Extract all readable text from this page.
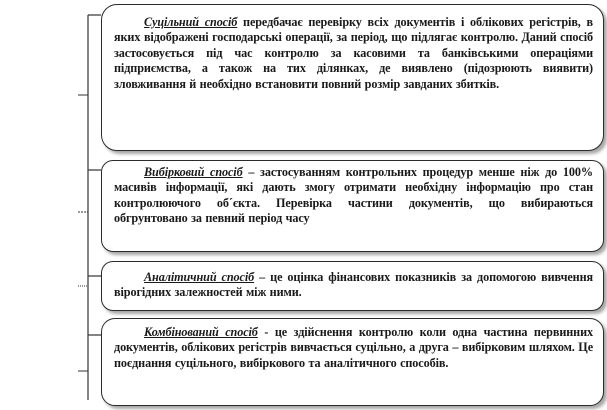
Суцільний спосіб передбачає перевірку всіх документів і облікових регістрів, в яких відображені господарські операції, за період, що підлягає контролю. Даний спосіб застосовується під час контролю за касовими та банківськими операціями підприємства, а також на тих ділянках, де виявлено (підозрюють виявити) зловживання й необхідно встановити повний розмір завданих збитків.

Вибірковий спосіб – застосуванням контрольних процедур менше ніж до 100% масивів інформації, які дають змогу отримати необхідну інформацію про стан контролюючого об´єкта. Перевірка частини документів, що вибираються обгрунтовано за певний період часу

Аналітичний спосіб – це оцінка фінансових показників за допомогою вивчення вірогідних залежностей між ними.

Комбінований спосіб - це здійснення контролю коли одна частина первинних документів, облікових регістрів вивчається суцільно, а друга – вибірковим шляхом. Це поєднання суцільного, вибіркового та аналітичного способів.
